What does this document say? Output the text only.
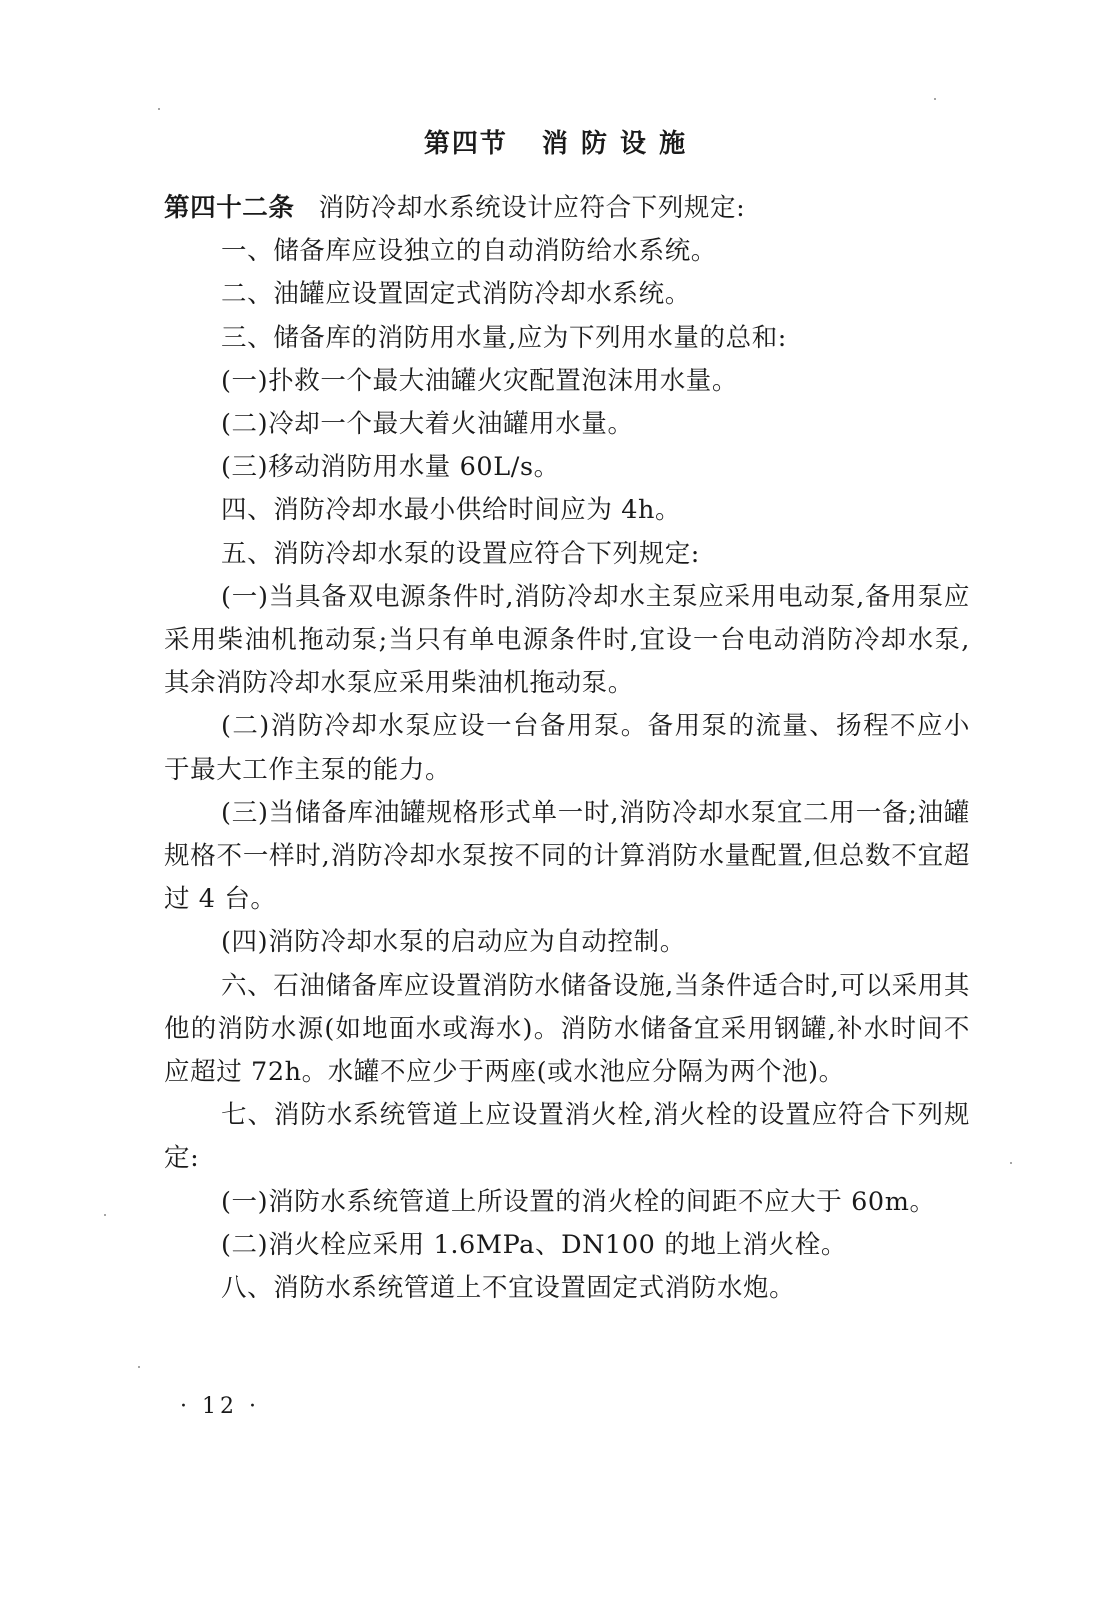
第四节 消 防 设 施

第四十二条 消防冷却水系统设计应符合下列规定:

一、储备库应设独立的自动消防给水系统。

二、油罐应设置固定式消防冷却水系统。

三、储备库的消防用水量,应为下列用水量的总和:

(一)扑救一个最大油罐火灾配置泡沫用水量。

(二)冷却一个最大着火油罐用水量。

(三)移动消防用水量 60L/s。

四、消防冷却水最小供给时间应为 4h。

五、消防冷却水泵的设置应符合下列规定:

(一)当具备双电源条件时,消防冷却水主泵应采用电动泵,备用泵应采用柴油机拖动泵;当只有单电源条件时,宜设一台电动消防冷却水泵,其余消防冷却水泵应采用柴油机拖动泵。

(二)消防冷却水泵应设一台备用泵。备用泵的流量、扬程不应小于最大工作主泵的能力。

(三)当储备库油罐规格形式单一时,消防冷却水泵宜二用一备;油罐规格不一样时,消防冷却水泵按不同的计算消防水量配置,但总数不宜超过 4 台。

(四)消防冷却水泵的启动应为自动控制。

六、石油储备库应设置消防水储备设施,当条件适合时,可以采用其他的消防水源(如地面水或海水)。消防水储备宜采用钢罐,补水时间不应超过 72h。水罐不应少于两座(或水池应分隔为两个池)。

七、消防水系统管道上应设置消火栓,消火栓的设置应符合下列规定:

(一)消防水系统管道上所设置的消火栓的间距不应大于 60m。

(二)消火栓应采用 1.6MPa、DN100 的地上消火栓。

八、消防水系统管道上不宜设置固定式消防水炮。

· 12 ·
